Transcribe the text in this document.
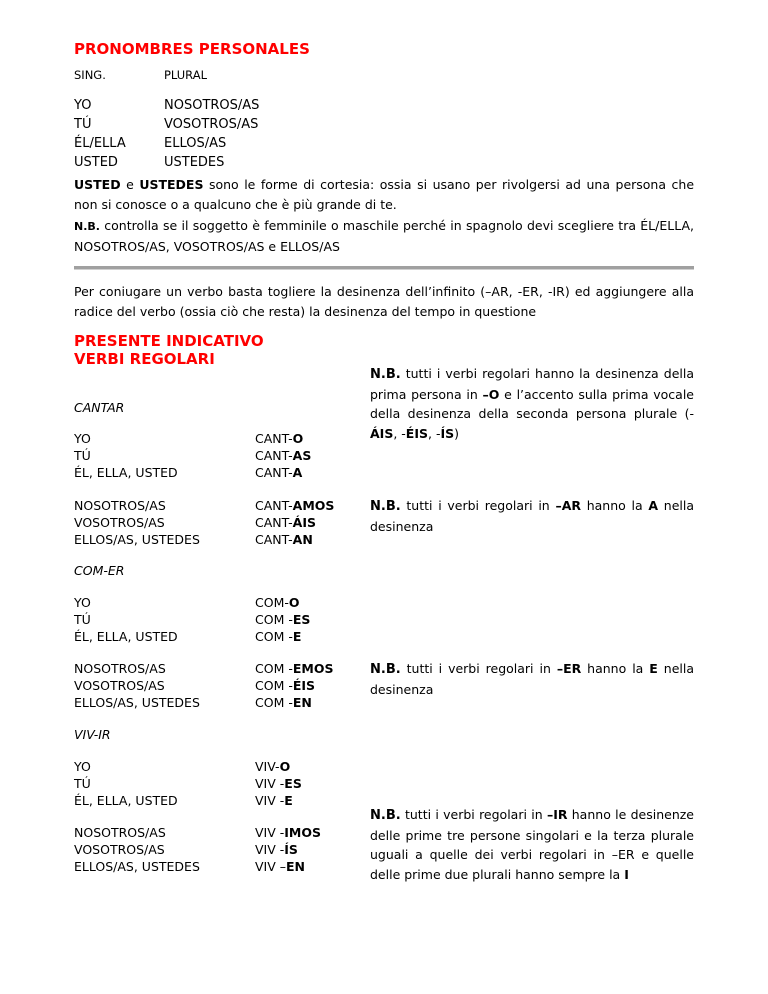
PRONOMBRES PERSONALES
SING.	PLURAL
YO
TÚ
ÉL/ELLA
USTED
NOSOTROS/AS
VOSOTROS/AS
ELLOS/AS
USTEDES
USTED e USTEDES sono le forme di cortesia: ossia si usano per rivolgersi ad una persona che non si conosce o a qualcuno che è più grande di te.
N.B. controlla se il soggetto è femminile o maschile perché in spagnolo devi scegliere tra ÉL/ELLA, NOSOTROS/AS, VOSOTROS/AS e ELLOS/AS
Per coniugare un verbo basta togliere la desinenza dell’infinito (–AR, -ER, -IR) ed aggiungere alla radice del verbo (ossia ciò che resta) la desinenza del tempo in questione
PRESENTE INDICATIVO
VERBI REGOLARI
N.B. tutti i verbi regolari hanno la desinenza della prima persona in –O e l’accento sulla prima vocale della desinenza della seconda persona plurale (-ÁIS, -ÉIS, -ÍS)
CANTAR
YO
TÚ
ÉL, ELLA, USTED
CANT-O
CANT-AS
CANT-A
NOSOTROS/AS
VOSOTROS/AS
ELLOS/AS, USTEDES
CANT-AMOS
CANT-ÁIS
CANT-AN
N.B. tutti i verbi regolari in –AR hanno la A nella desinenza
COM-ER
YO
TÚ
ÉL, ELLA, USTED
COM-O
COM -ES
COM -E
NOSOTROS/AS
VOSOTROS/AS
ELLOS/AS, USTEDES
COM -EMOS
COM -ÉIS
COM -EN
N.B. tutti i verbi regolari in –ER hanno la E nella desinenza
VIV-IR
YO
TÚ
ÉL, ELLA, USTED
VIV-O
VIV -ES
VIV -E
NOSOTROS/AS
VOSOTROS/AS
ELLOS/AS, USTEDES
VIV -IMOS
VIV -ÍS
VIV –EN
N.B. tutti i verbi regolari in –IR hanno le desinenze delle prime tre persone singolari e la terza plurale uguali a quelle dei verbi regolari in –ER e quelle delle prime due plurali hanno sempre la I
